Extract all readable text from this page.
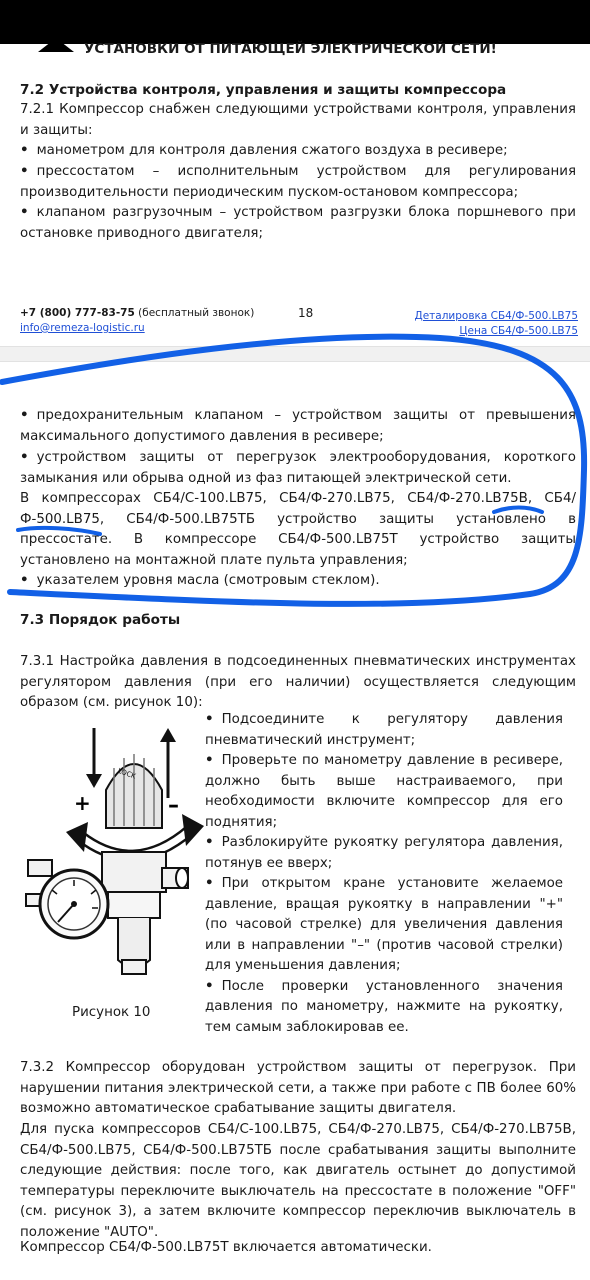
УСТАНОВКИ ОТ ПИТАЮЩЕЙ ЭЛЕКТРИЧЕСКОЙ СЕТИ!
7.2 Устройства контроля, управления и защиты компрессора
7.2.1 Компрессор снабжен следующими устройствами контроля, управления и защиты:
• манометром для контроля давления сжатого воздуха в ресивере;
• прессостатом – исполнительным устройством для регулирования производительности периодическим пуском-остановом компрессора;
• клапаном разгрузочным – устройством разгрузки блока поршневого при остановке приводного двигателя;
+7 (800) 777-83-75 (бесплатный звонок)
info@remeza-logistic.ru
18	Деталировка СБ4/Ф-500.LB75
Цена СБ4/Ф-500.LB75
• предохранительным клапаном – устройством защиты от превышения максимального допустимого давления в ресивере;
• устройством защиты от перегрузок электрооборудования, короткого замыкания или обрыва одной из фаз питающей электрической сети.
В компрессорах СБ4/С-100.LB75, СБ4/Ф-270.LB75, СБ4/Ф-270.LB75В, СБ4/Ф-500.LB75, СБ4/Ф-500.LB75ТБ устройство защиты установлено в прессостате. В компрессоре СБ4/Ф-500.LB75Т устройство защиты установлено на монтажной плате пульта управления;
• указателем уровня масла (смотровым стеклом).
7.3 Порядок работы
7.3.1 Настройка давления в подсоединенных пневматических инструментах регулятором давления (при его наличии) осуществляется следующим образом (см. рисунок 10):
LOCK
+	–
Рисунок 10
• Подсоедините к регулятору давления пневматический инструмент;
• Проверьте по манометру давление в ресивере, должно быть выше настраиваемого, при необходимости включите компрессор для его поднятия;
• Разблокируйте рукоятку регулятора давления, потянув ее вверх;
• При открытом кране установите желаемое давление, вращая рукоятку в направлении "+" (по часовой стрелке) для увеличения давления или в направлении "–" (против часовой стрелки) для уменьшения давления;
• После проверки установленного значения давления по манометру, нажмите на рукоятку, тем самым заблокировав ее.
7.3.2 Компрессор оборудован устройством защиты от перегрузок. При нарушении питания электрической сети, а также при работе с ПВ более 60% возможно автоматическое срабатывание защиты двигателя.
Для пуска компрессоров СБ4/С-100.LB75, СБ4/Ф-270.LB75, СБ4/Ф-270.LB75В, СБ4/Ф-500.LB75, СБ4/Ф-500.LB75ТБ после срабатывания защиты выполните следующие действия: после того, как двигатель остынет до допустимой температуры переключите выключатель на прессостате в положение "OFF" (см. рисунок 3), а затем включите компрессор переключив выключатель в положение "AUTO".
Компрессор СБ4/Ф-500.LB75Т включается автоматически.
